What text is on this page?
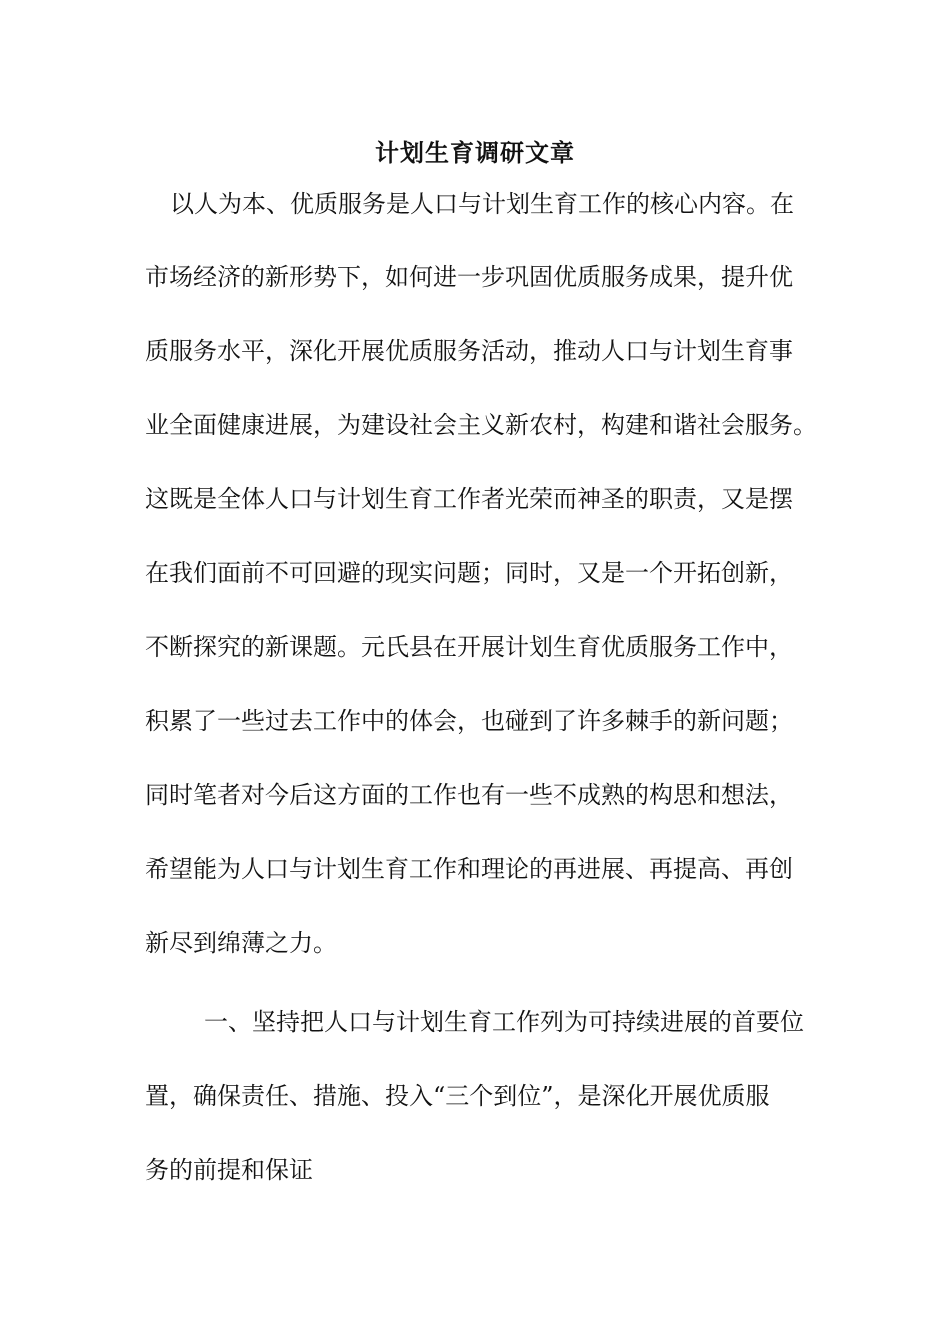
计划生育调研文章
以人为本、优质服务是人口与计划生育工作的核心内容。在
市场经济的新形势下，如何进一步巩固优质服务成果，提升优
质服务水平，深化开展优质服务活动，推动人口与计划生育事
业全面健康进展，为建设社会主义新农村，构建和谐社会服务。
这既是全体人口与计划生育工作者光荣而神圣的职责，又是摆
在我们面前不可回避的现实问题；同时，又是一个开拓创新，
不断探究的新课题。元氏县在开展计划生育优质服务工作中，
积累了一些过去工作中的体会，也碰到了许多棘手的新问题；
同时笔者对今后这方面的工作也有一些不成熟的构思和想法，
希望能为人口与计划生育工作和理论的再进展、再提高、再创
新尽到绵薄之力。
一、坚持把人口与计划生育工作列为可持续进展的首要位
置，确保责任、措施、投入“三个到位”，是深化开展优质服
务的前提和保证
